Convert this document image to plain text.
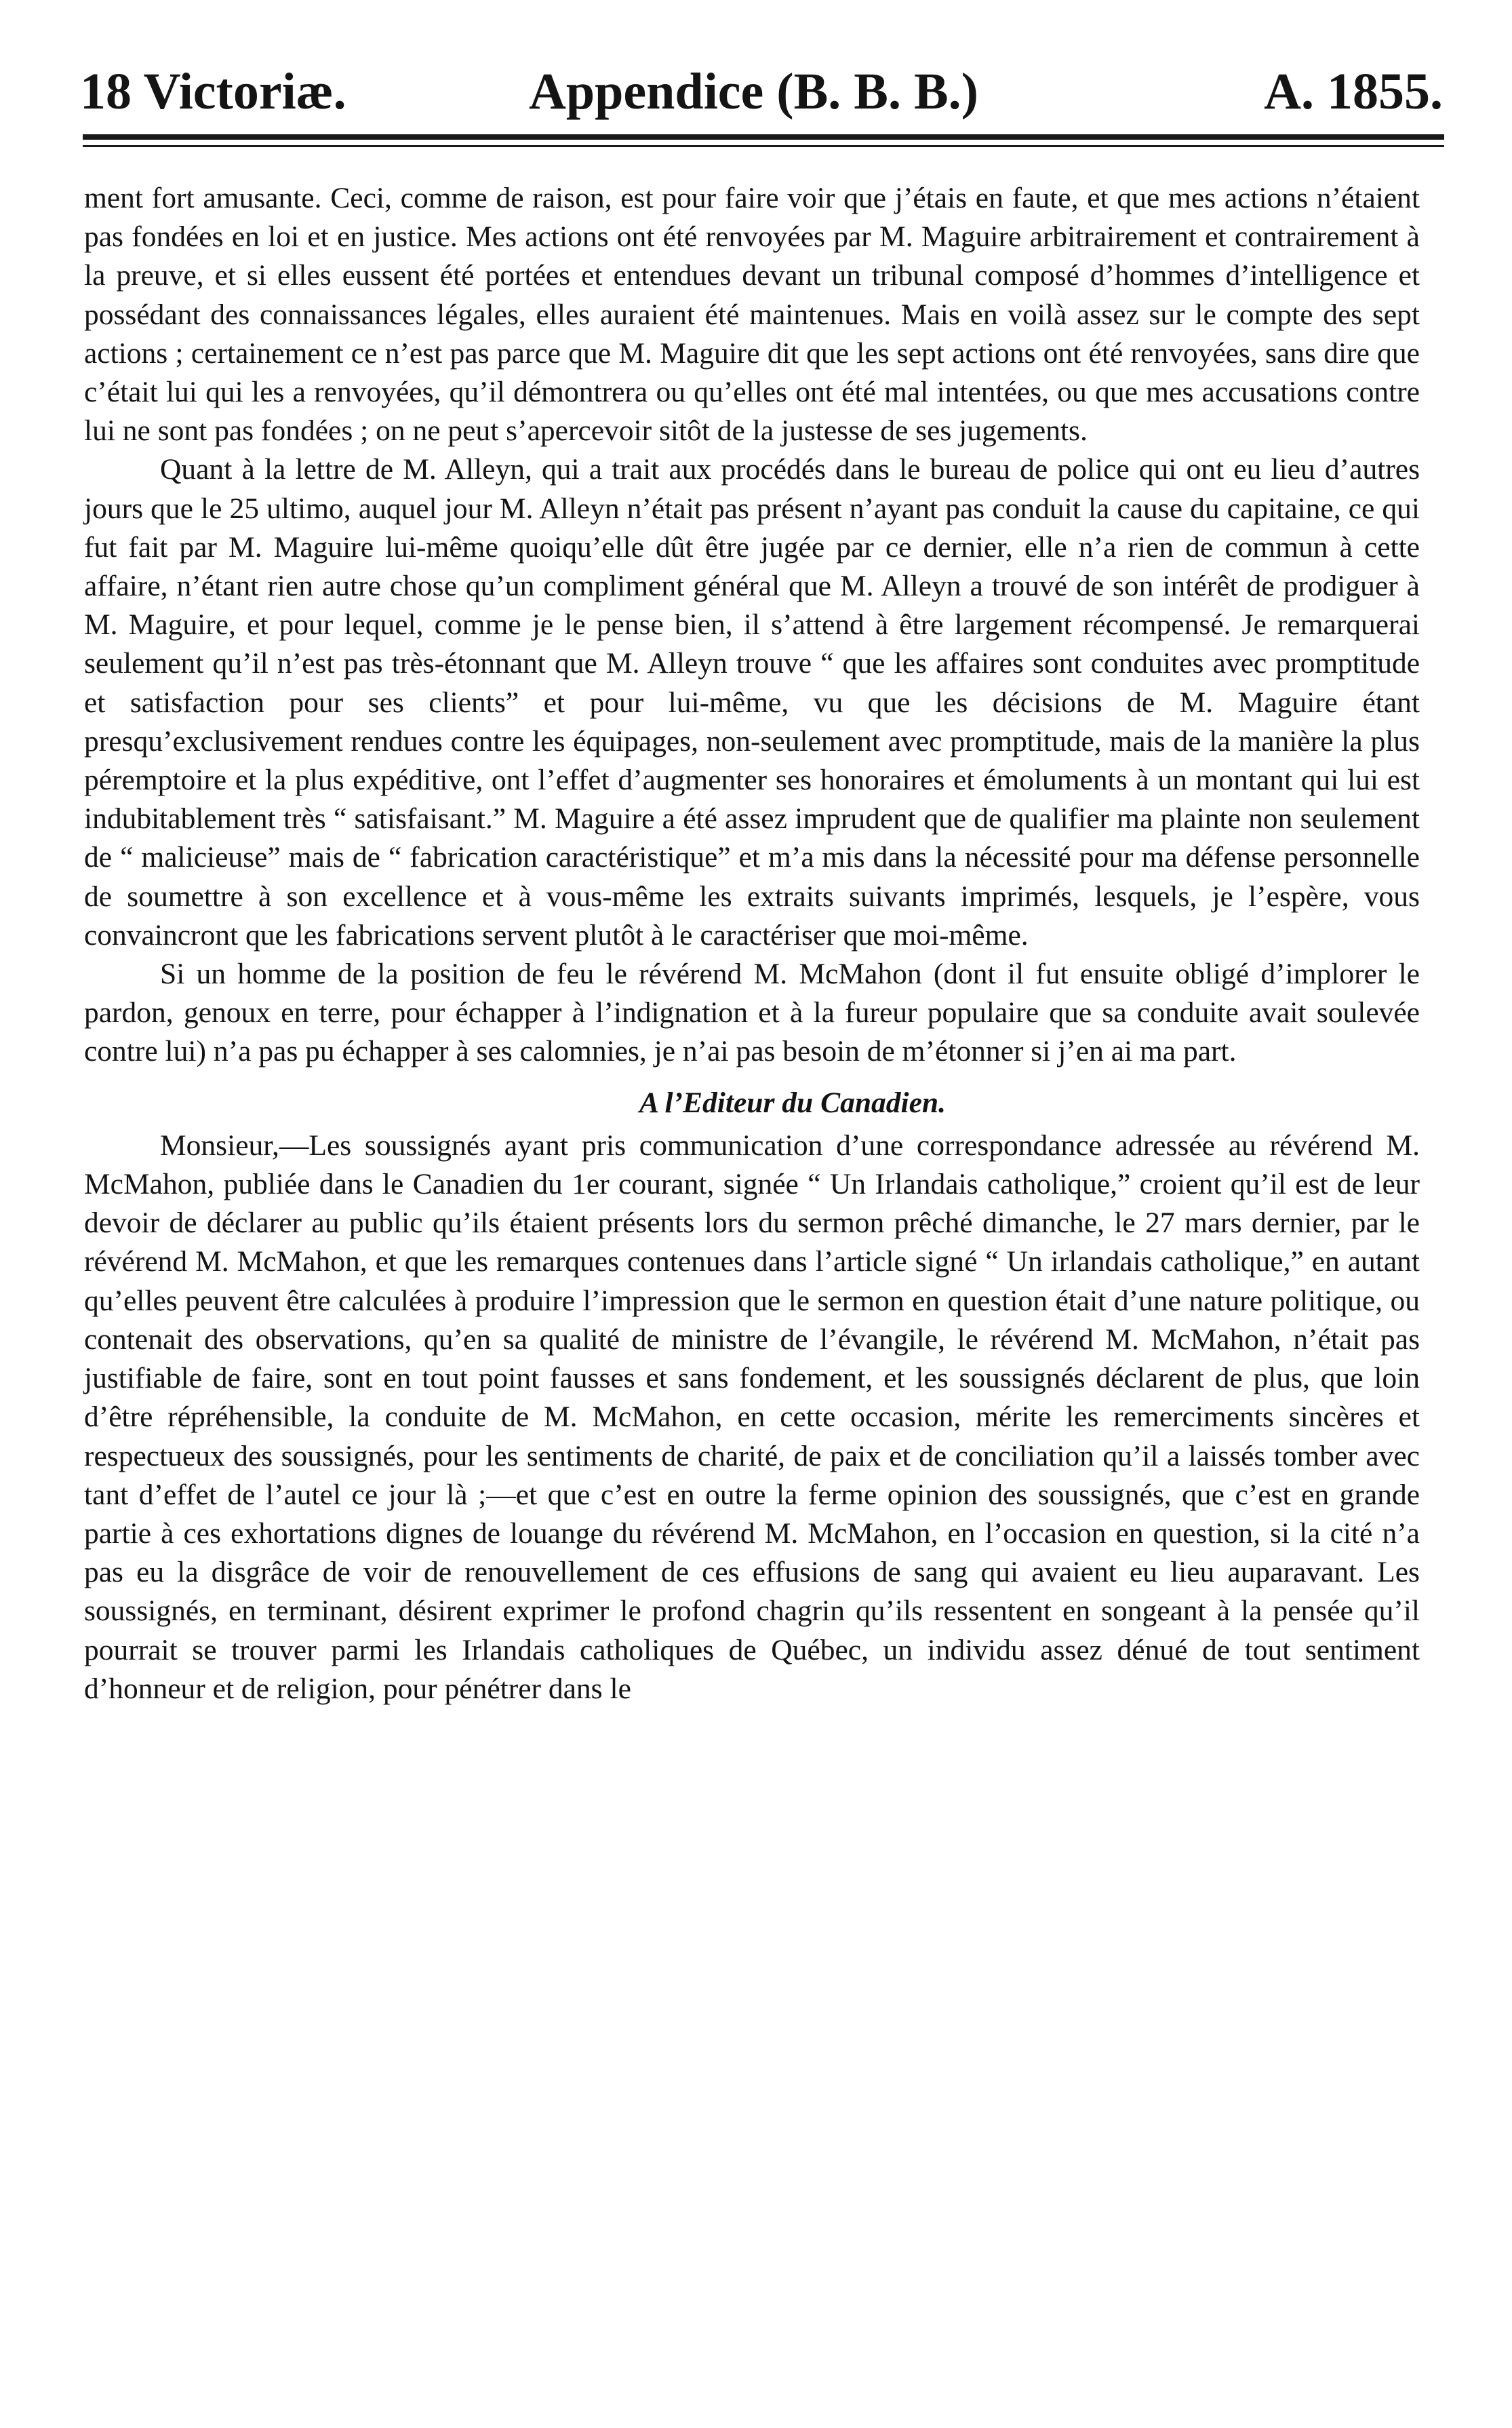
18 Victoriæ.	Appendice (B. B. B.)	A. 1855.

ment fort amusante. Ceci, comme de raison, est pour faire voir que j’étais en faute, et que mes actions n’étaient pas fondées en loi et en justice. Mes actions ont été renvoyées par M. Maguire arbitrairement et contrairement à la preuve, et si elles eussent été portées et entendues devant un tribunal composé d’hommes d’intelligence et possédant des connaissances légales, elles auraient été maintenues. Mais en voilà assez sur le compte des sept actions ; certainement ce n’est pas parce que M. Maguire dit que les sept actions ont été renvoyées, sans dire que c’était lui qui les a renvoyées, qu’il démontrera ou qu’elles ont été mal intentées, ou que mes accusations contre lui ne sont pas fondées ; on ne peut s’apercevoir sitôt de la justesse de ses jugements.

Quant à la lettre de M. Alleyn, qui a trait aux procédés dans le bureau de police qui ont eu lieu d’autres jours que le 25 ultimo, auquel jour M. Alleyn n’était pas présent n’ayant pas conduit la cause du capitaine, ce qui fut fait par M. Maguire lui-même quoiqu’elle dût être jugée par ce dernier, elle n’a rien de commun à cette affaire, n’étant rien autre chose qu’un compliment général que M. Alleyn a trouvé de son intérêt de prodiguer à M. Maguire, et pour lequel, comme je le pense bien, il s’attend à être largement récompensé. Je remarquerai seulement qu’il n’est pas très-étonnant que M. Alleyn trouve “ que les affaires sont conduites avec promptitude et satisfaction pour ses clients” et pour lui-même, vu que les décisions de M. Maguire étant presqu’exclusivement rendues contre les équipages, non-seulement avec promptitude, mais de la manière la plus péremptoire et la plus expéditive, ont l’effet d’augmenter ses honoraires et émoluments à un montant qui lui est indubitablement très “ satisfaisant.” M. Maguire a été assez imprudent que de qualifier ma plainte non seulement de “ malicieuse” mais de “ fabrication caractéristique” et m’a mis dans la nécessité pour ma défense personnelle de soumettre à son excellence et à vous-même les extraits suivants imprimés, lesquels, je l’espère, vous convaincront que les fabrications servent plutôt à le caractériser que moi-même.

Si un homme de la position de feu le révérend M. McMahon (dont il fut ensuite obligé d’implorer le pardon, genoux en terre, pour échapper à l’indignation et à la fureur populaire que sa conduite avait soulevée contre lui) n’a pas pu échapper à ses calomnies, je n’ai pas besoin de m’étonner si j’en ai ma part.

A l’Editeur du Canadien.

Monsieur,—Les soussignés ayant pris communication d’une correspondance adressée au révérend M. McMahon, publiée dans le Canadien du 1er courant, signée “ Un Irlandais catholique,” croient qu’il est de leur devoir de déclarer au public qu’ils étaient présents lors du sermon prêché dimanche, le 27 mars dernier, par le révérend M. McMahon, et que les remarques contenues dans l’article signé “ Un irlandais catholique,” en autant qu’elles peuvent être calculées à produire l’impression que le sermon en question était d’une nature politique, ou contenait des observations, qu’en sa qualité de ministre de l’évangile, le révérend M. McMahon, n’était pas justifiable de faire, sont en tout point fausses et sans fondement, et les soussignés déclarent de plus, que loin d’être répréhensible, la conduite de M. McMahon, en cette occasion, mérite les remerciments sincères et respectueux des soussignés, pour les sentiments de charité, de paix et de conciliation qu’il a laissés tomber avec tant d’effet de l’autel ce jour là ;—et que c’est en outre la ferme opinion des soussignés, que c’est en grande partie à ces exhortations dignes de louange du révérend M. McMahon, en l’occasion en question, si la cité n’a pas eu la disgrâce de voir de renouvellement de ces effusions de sang qui avaient eu lieu auparavant. Les soussignés, en terminant, désirent exprimer le profond chagrin qu’ils ressentent en songeant à la pensée qu’il pourrait se trouver parmi les Irlandais catholiques de Québec, un individu assez dénué de tout sentiment d’honneur et de religion, pour pénétrer dans le
